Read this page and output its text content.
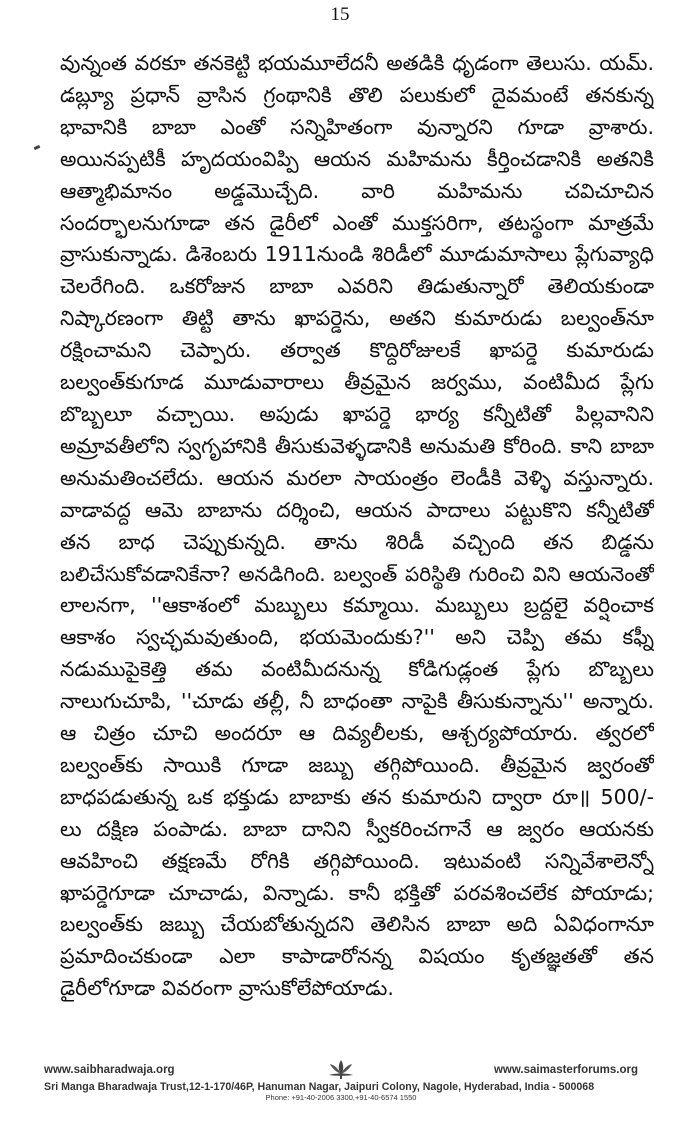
15
వున్నంత వరకూ తనకెట్టి భయమూలేదనీ అతడికి ధృడంగా తెలుసు. యమ్.
డబ్ల్యూ ప్రధాన్ వ్రాసిన గ్రంథానికి తొలి పలుకులో దైవమంటే తనకున్న
భావానికి బాబా ఎంతో సన్నిహితంగా వున్నారని గూడా వ్రాశారు.
అయినప్పటికీ హృదయంవిప్పి ఆయన మహిమను కీర్తించడానికి అతనికి
ఆత్మాభిమానం అడ్డమొచ్చేది. వారి మహిమను చవిచూచిన
సందర్భాలనుగూడా తన డైరీలో ఎంతో ముక్తసరిగా, తటస్థంగా మాత్రమే
వ్రాసుకున్నాడు. డిశెంబరు 1911నుండి శిరిడీలో మూడుమాసాలు ప్లేగువ్యాధి
చెలరేగింది. ఒకరోజున బాబా ఎవరిని తిడుతున్నారో తెలియకుండా
నిష్కారణంగా తిట్టి తాను ఖాపర్డెను, అతని కుమారుడు బల్వంత్‌నూ
రక్షించామని చెప్పారు. తర్వాత కొద్దిరోజులకే ఖాపర్డె కుమారుడు
బల్వంత్‌కుగూడ మూడువారాలు తీవ్రమైన జర్వము, వంటిమీద ప్లేగు
బొబ్బలూ వచ్చాయి. అపుడు ఖాపర్డె భార్య కన్నీటితో పిల్లవానిని
అమ్రావతీలోని స్వగృహానికి తీసుకువెళ్ళడానికి అనుమతి కోరింది. కాని బాబా
అనుమతించలేదు. ఆయన మరలా సాయంత్రం లెండీకి వెళ్ళి వస్తున్నారు.
వాడావద్ద ఆమె బాబాను దర్శించి, ఆయన పాదాలు పట్టుకొని కన్నీటితో
తన బాధ చెప్పుకున్నది. తాను శిరిడీ వచ్చింది తన బిడ్డను
బలిచేసుకోవడానికేనా? అనడిగింది. బల్వంత్ పరిస్థితి గురించి విని ఆయనెంతో
లాలనగా, ''ఆకాశంలో మబ్బులు కమ్మాయి. మబ్బులు బ్రద్దలై వర్షించాక
ఆకాశం స్వచ్ఛమవుతుంది, భయమెందుకు?'' అని చెప్పి తమ కఫ్నీ
నడుముపైకెత్తి తమ వంటిమీదనున్న కోడిగుడ్లంత ప్లేగు బొబ్బలు
నాలుగుచూపి, ''చూడు తల్లీ, నీ బాధంతా నాపైకి తీసుకున్నాను'' అన్నారు.
ఆ చిత్రం చూచి అందరూ ఆ దివ్యలీలకు, ఆశ్చర్యపోయారు. త్వరలో
బల్వంత్‌కు సాయికి గూడా జబ్బు తగ్గిపోయింది. తీవ్రమైన జ్వరంతో
బాధపడుతున్న ఒక భక్తుడు బాబాకు తన కుమారుని ద్వారా రూ॥ 500/-
లు దక్షిణ పంపాడు. బాబా దానిని స్వీకరించగానే ఆ జ్వరం ఆయనకు
ఆవహించి తక్షణమే రోగికి తగ్గిపోయింది. ఇటువంటి సన్నివేశాలెన్నో
ఖాపర్డెగూడా చూచాడు, విన్నాడు. కానీ భక్తితో పరవశించలేక పోయాడు;
బల్వంత్‌కు జబ్బు చేయబోతున్నదని తెలిసిన బాబా అది ఏవిధంగానూ
ప్రమాదించకుండా ఎలా కాపాడారోనన్న విషయం కృతజ్ఞతతో తన
డైరీలోగూడా వివరంగా వ్రాసుకోలేపోయాడు.
www.saibharadwaja.org	www.saimasterforums.org
Sri Manga Bharadwaja Trust,12-1-170/46P, Hanuman Nagar, Jaipuri Colony, Nagole, Hyderabad, India - 500068
Phone: +91-40-2006 3300,+91-40-6574 1550
